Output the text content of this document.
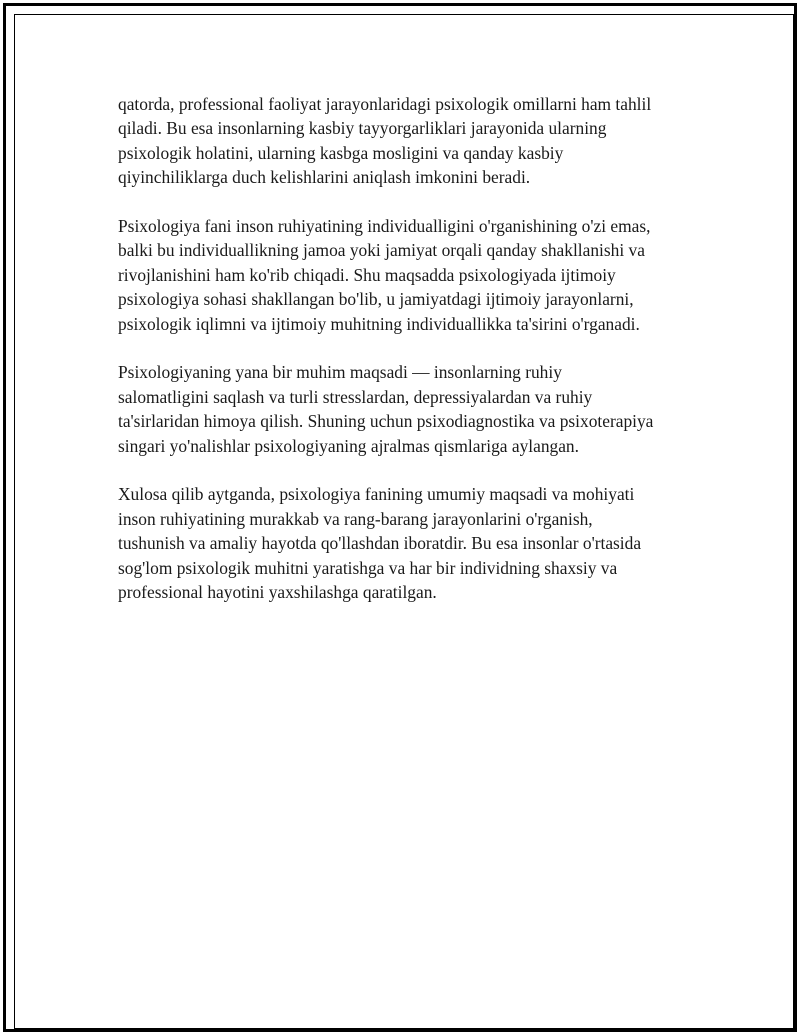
qatorda, professional faoliyat jarayonlaridagi psixologik omillarni ham tahlil
qiladi. Bu esa insonlarning kasbiy tayyorgarliklari jarayonida ularning
psixologik holatini, ularning kasbga mosligini va qanday kasbiy
qiyinchiliklarga duch kelishlarini aniqlash imkonini beradi.

Psixologiya fani inson ruhiyatining individualligini o'rganishining o'zi emas,
balki bu individuallikning jamoa yoki jamiyat orqali qanday shakllanishi va
rivojlanishini ham ko'rib chiqadi. Shu maqsadda psixologiyada ijtimoiy
psixologiya sohasi shakllangan bo'lib, u jamiyatdagi ijtimoiy jarayonlarni,
psixologik iqlimni va ijtimoiy muhitning individuallikka ta'sirini o'rganadi.

Psixologiyaning yana bir muhim maqsadi — insonlarning ruhiy
salomatligini saqlash va turli stresslardan, depressiyalardan va ruhiy
ta'sirlaridan himoya qilish. Shuning uchun psixodiagnostika va psixoterapiya
singari yo'nalishlar psixologiyaning ajralmas qismlariga aylangan.

Xulosa qilib aytganda, psixologiya fanining umumiy maqsadi va mohiyati
inson ruhiyatining murakkab va rang-barang jarayonlarini o'rganish,
tushunish va amaliy hayotda qo'llashdan iboratdir. Bu esa insonlar o'rtasida
sog'lom psixologik muhitni yaratishga va har bir individning shaxsiy va
professional hayotini yaxshilashga qaratilgan.
